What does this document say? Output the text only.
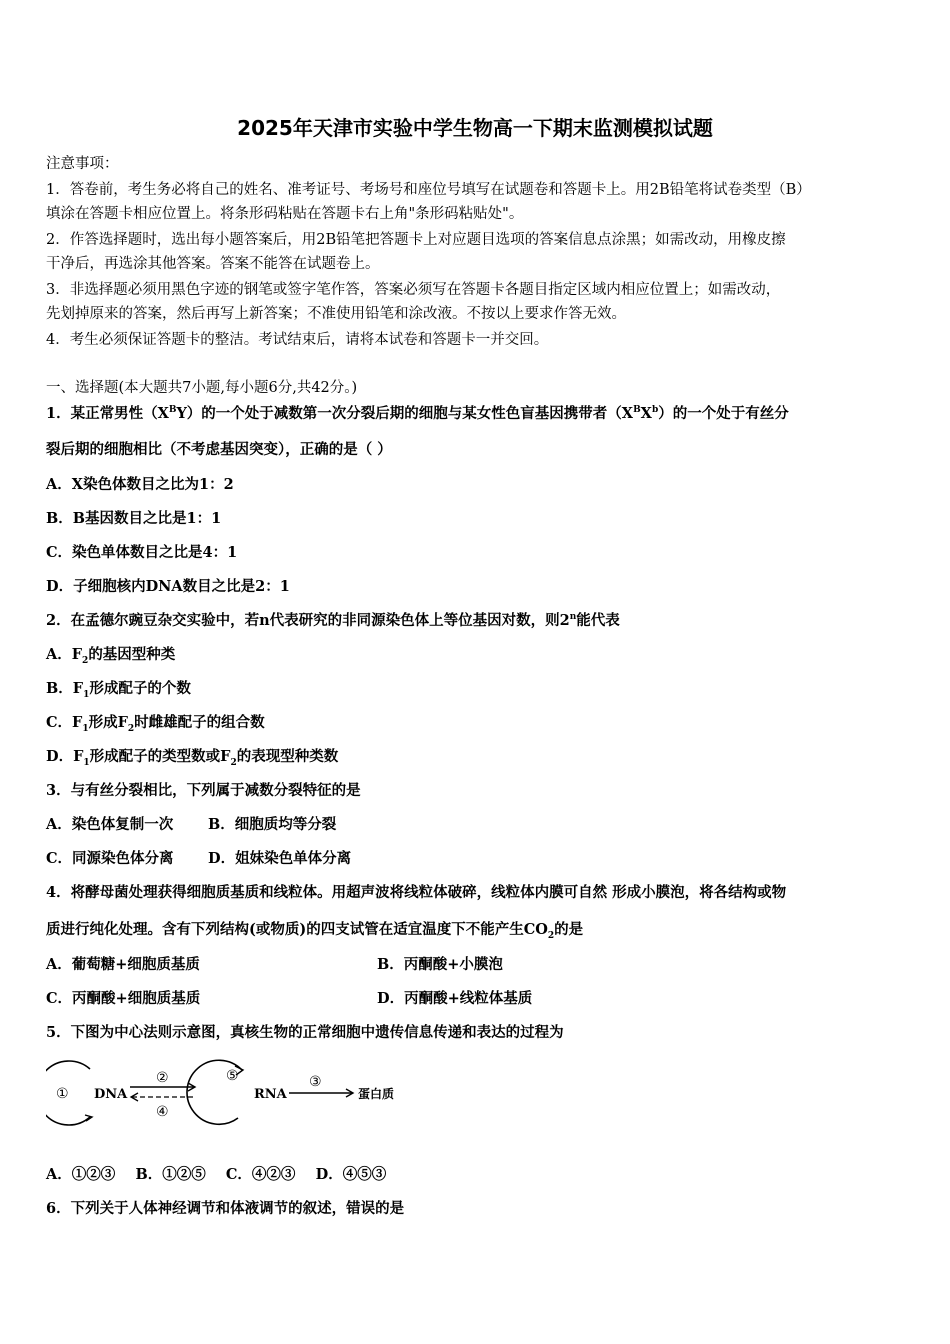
2025年天津市实验中学生物高一下期末监测模拟试题
注意事项：
1．答卷前，考生务必将自己的姓名、准考证号、考场号和座位号填写在试题卷和答题卡上。用2B铅笔将试卷类型（B）
填涂在答题卡相应位置上。将条形码粘贴在答题卡右上角"条形码粘贴处"。
2．作答选择题时，选出每小题答案后，用2B铅笔把答题卡上对应题目选项的答案信息点涂黑；如需改动，用橡皮擦
干净后，再选涂其他答案。答案不能答在试题卷上。
3．非选择题必须用黑色字迹的钢笔或签字笔作答，答案必须写在答题卡各题目指定区域内相应位置上；如需改动，
先划掉原来的答案，然后再写上新答案；不准使用铅笔和涂改液。不按以上要求作答无效。
4．考生必须保证答题卡的整洁。考试结束后，请将本试卷和答题卡一并交回。
一、选择题(本大题共7小题,每小题6分,共42分。)
1．某正常男性$(X^BY)$的一个处于减数第一次分裂后期的细胞与某女性色盲基因携带者$(X^BX^b)$的一个处于有丝分
裂后期的细胞相比（不考虑基因突变），正确的是（ ）
A．X染色体数目之比为1：2
B．B基因数目之比是1：1
C．染色单体数目之比是4：1
D．子细胞核内DNA数目之比是2：1
2．在孟德尔豌豆杂交实验中，若n代表研究的非同源染色体上等位基因对数，则2$^n$能代表
A．$F_2$的基因型种类
B．$F_1$形成配子的个数
C．$F_1$形成$F_2$时雌雄配子的组合数
D．$F_1$形成配子的类型数或$F_2$的表现型种类数
3．与有丝分裂相比，下列属于减数分裂特征的是
A．染色体复制一次 B．细胞质均等分裂
C．同源染色体分离 D．姐妹染色单体分离
4．将酵母菌处理获得细胞质基质和线粒体。用超声波将线粒体破碎，线粒体内膜可自然 形成小膜泡，将各结构或物
质进行纯化处理。含有下列结构(或物质)的四支试管在适宜温度下不能产生$CO_2$的是
A．葡萄糖+细胞质基质	B．丙酮酸+小膜泡
C．丙酮酸+细胞质基质	D．丙酮酸+线粒体基质
5．下图为中心法则示意图，真核生物的正常细胞中遗传信息传递和表达的过程为
① DNA
②
④
⑤
RNA
③
蛋白质
A．①②③    B．①②⑤    C．④②③    D．④⑤③
6．下列关于人体神经调节和体液调节的叙述，错误的是
